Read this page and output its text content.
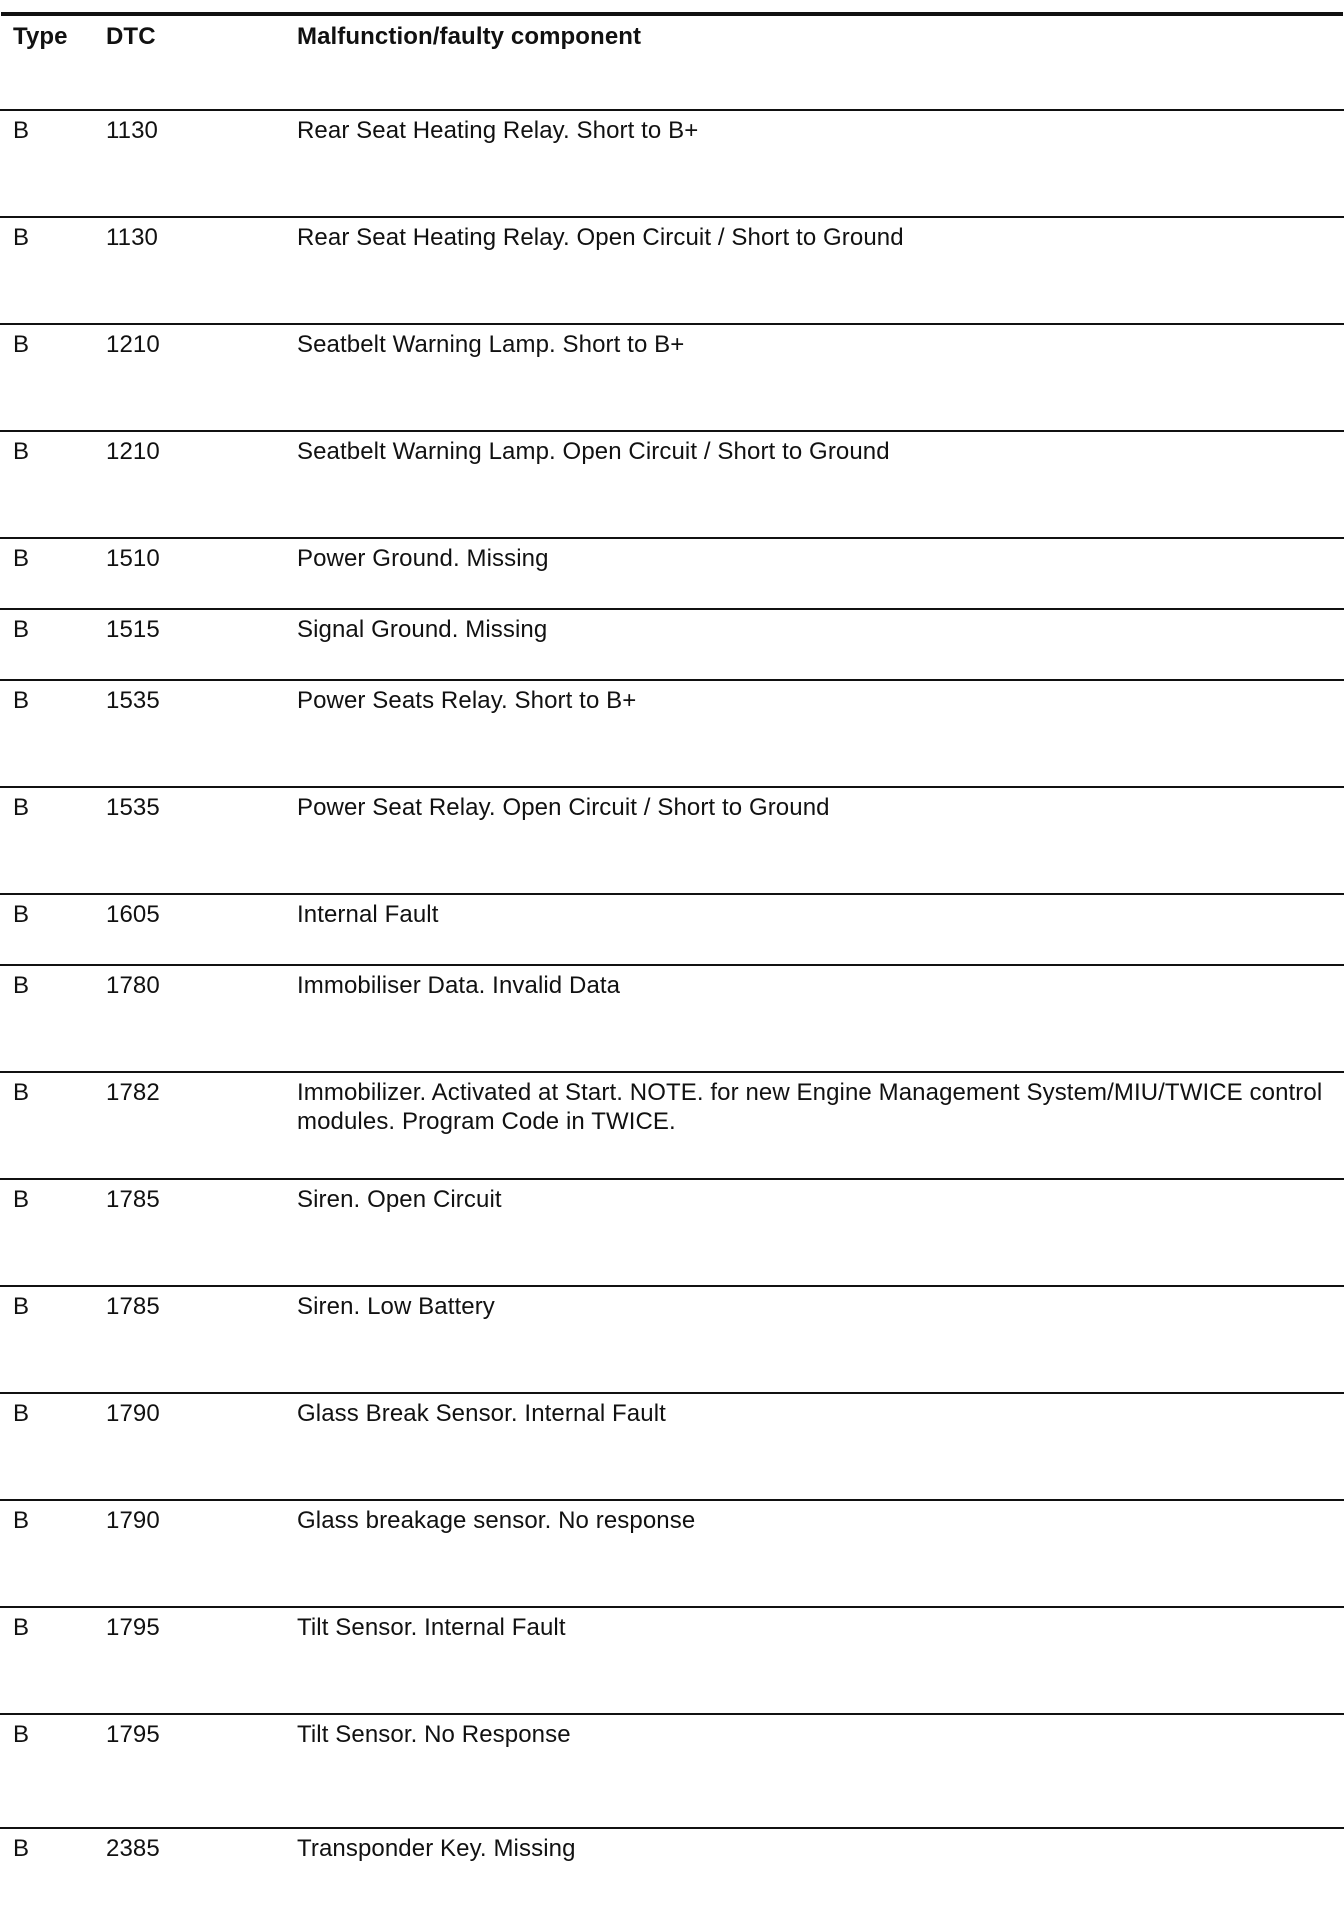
Type DTC	Malfunction/faulty component
B	1130	Rear Seat Heating Relay. Short to B+
B	1130	Rear Seat Heating Relay. Open Circuit / Short to Ground
B	1210	Seatbelt Warning Lamp. Short to B+
B	1210	Seatbelt Warning Lamp. Open Circuit / Short to Ground
B	1510	Power Ground. Missing
B	1515	Signal Ground. Missing
B	1535	Power Seats Relay. Short to B+
B	1535	Power Seat Relay. Open Circuit / Short to Ground
B	1605	Internal Fault
B	1780	Immobiliser Data. Invalid Data
B	1782	Immobilizer. Activated at Start. NOTE. for new Engine Management System/MIU/TWICE control modules. Program Code in TWICE.
B	1785	Siren. Open Circuit
B	1785	Siren. Low Battery
B	1790	Glass Break Sensor. Internal Fault
B	1790	Glass breakage sensor. No response
B	1795	Tilt Sensor. Internal Fault
B	1795	Tilt Sensor. No Response
B	2385	Transponder Key. Missing
